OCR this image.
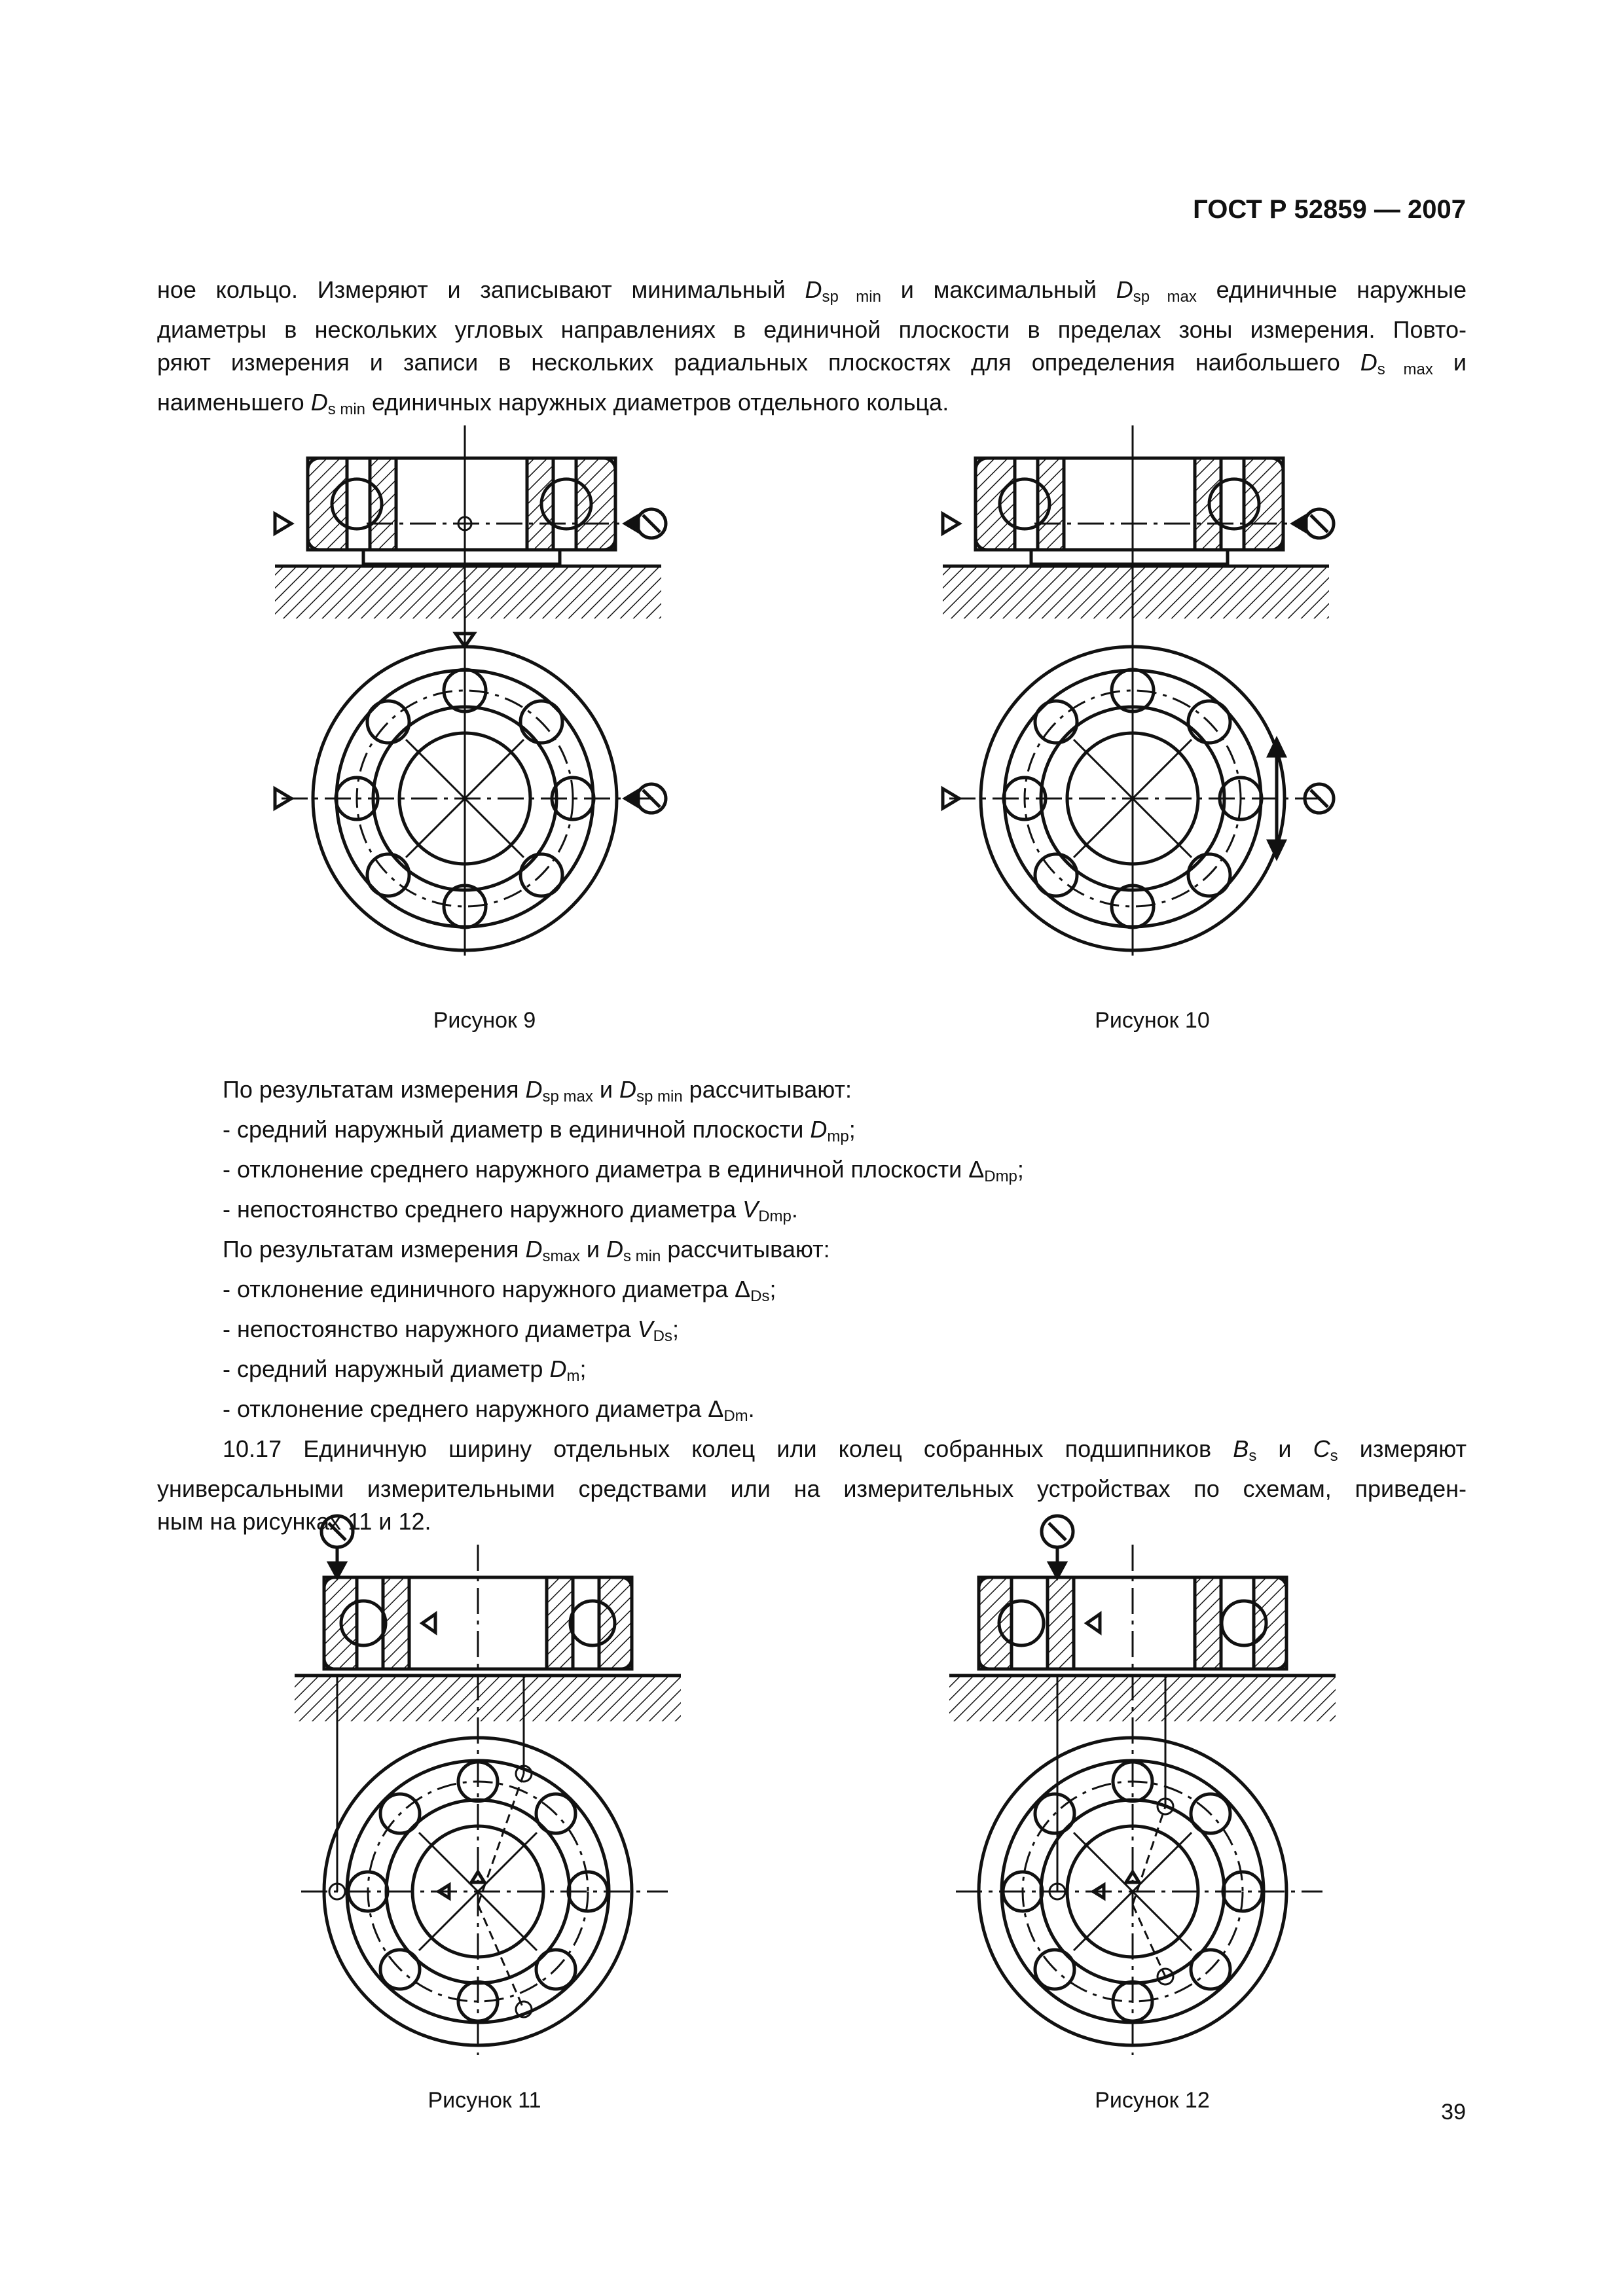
ГОСТ Р 52859 — 2007
ное кольцо. Измеряют и записывают минимальный $D_{sp min}$ и максимальный $D_{sp max}$ единичные наружные
диаметры в нескольких угловых направлениях в единичной плоскости в пределах зоны измерения. Повто-
ряют измерения и записи в нескольких радиальных плоскостях для определения наибольшего $D_{s max}$ и
наименьшего $D_{s min}$ единичных наружных диаметров отдельного кольца.
Рисунок 9	Рисунок 10
По результатам измерения $D_{sp max}$ и $D_{sp min}$ рассчитывают:
- средний наружный диаметр в единичной плоскости $D_{mp}$;
- отклонение среднего наружного диаметра в единичной плоскости $\Delta_{Dmp}$;
- непостоянство среднего наружного диаметра $V_{Dmp}$.
По результатам измерения $D_{smax}$ и $D_{s min}$ рассчитывают:
- отклонение единичного наружного диаметра $\Delta_{Ds}$;
- непостоянство наружного диаметра $V_{Ds}$;
- средний наружный диаметр $D_m$;
- отклонение среднего наружного диаметра $\Delta_{Dm}$.
10.17 Единичную ширину отдельных колец или колец собранных подшипников $B_s$ и $C_s$ измеряют
универсальными измерительными средствами или на измерительных устройствах по схемам, приведен-
ным на рисунках 11 и 12.
Рисунок 11	Рисунок 12	39
